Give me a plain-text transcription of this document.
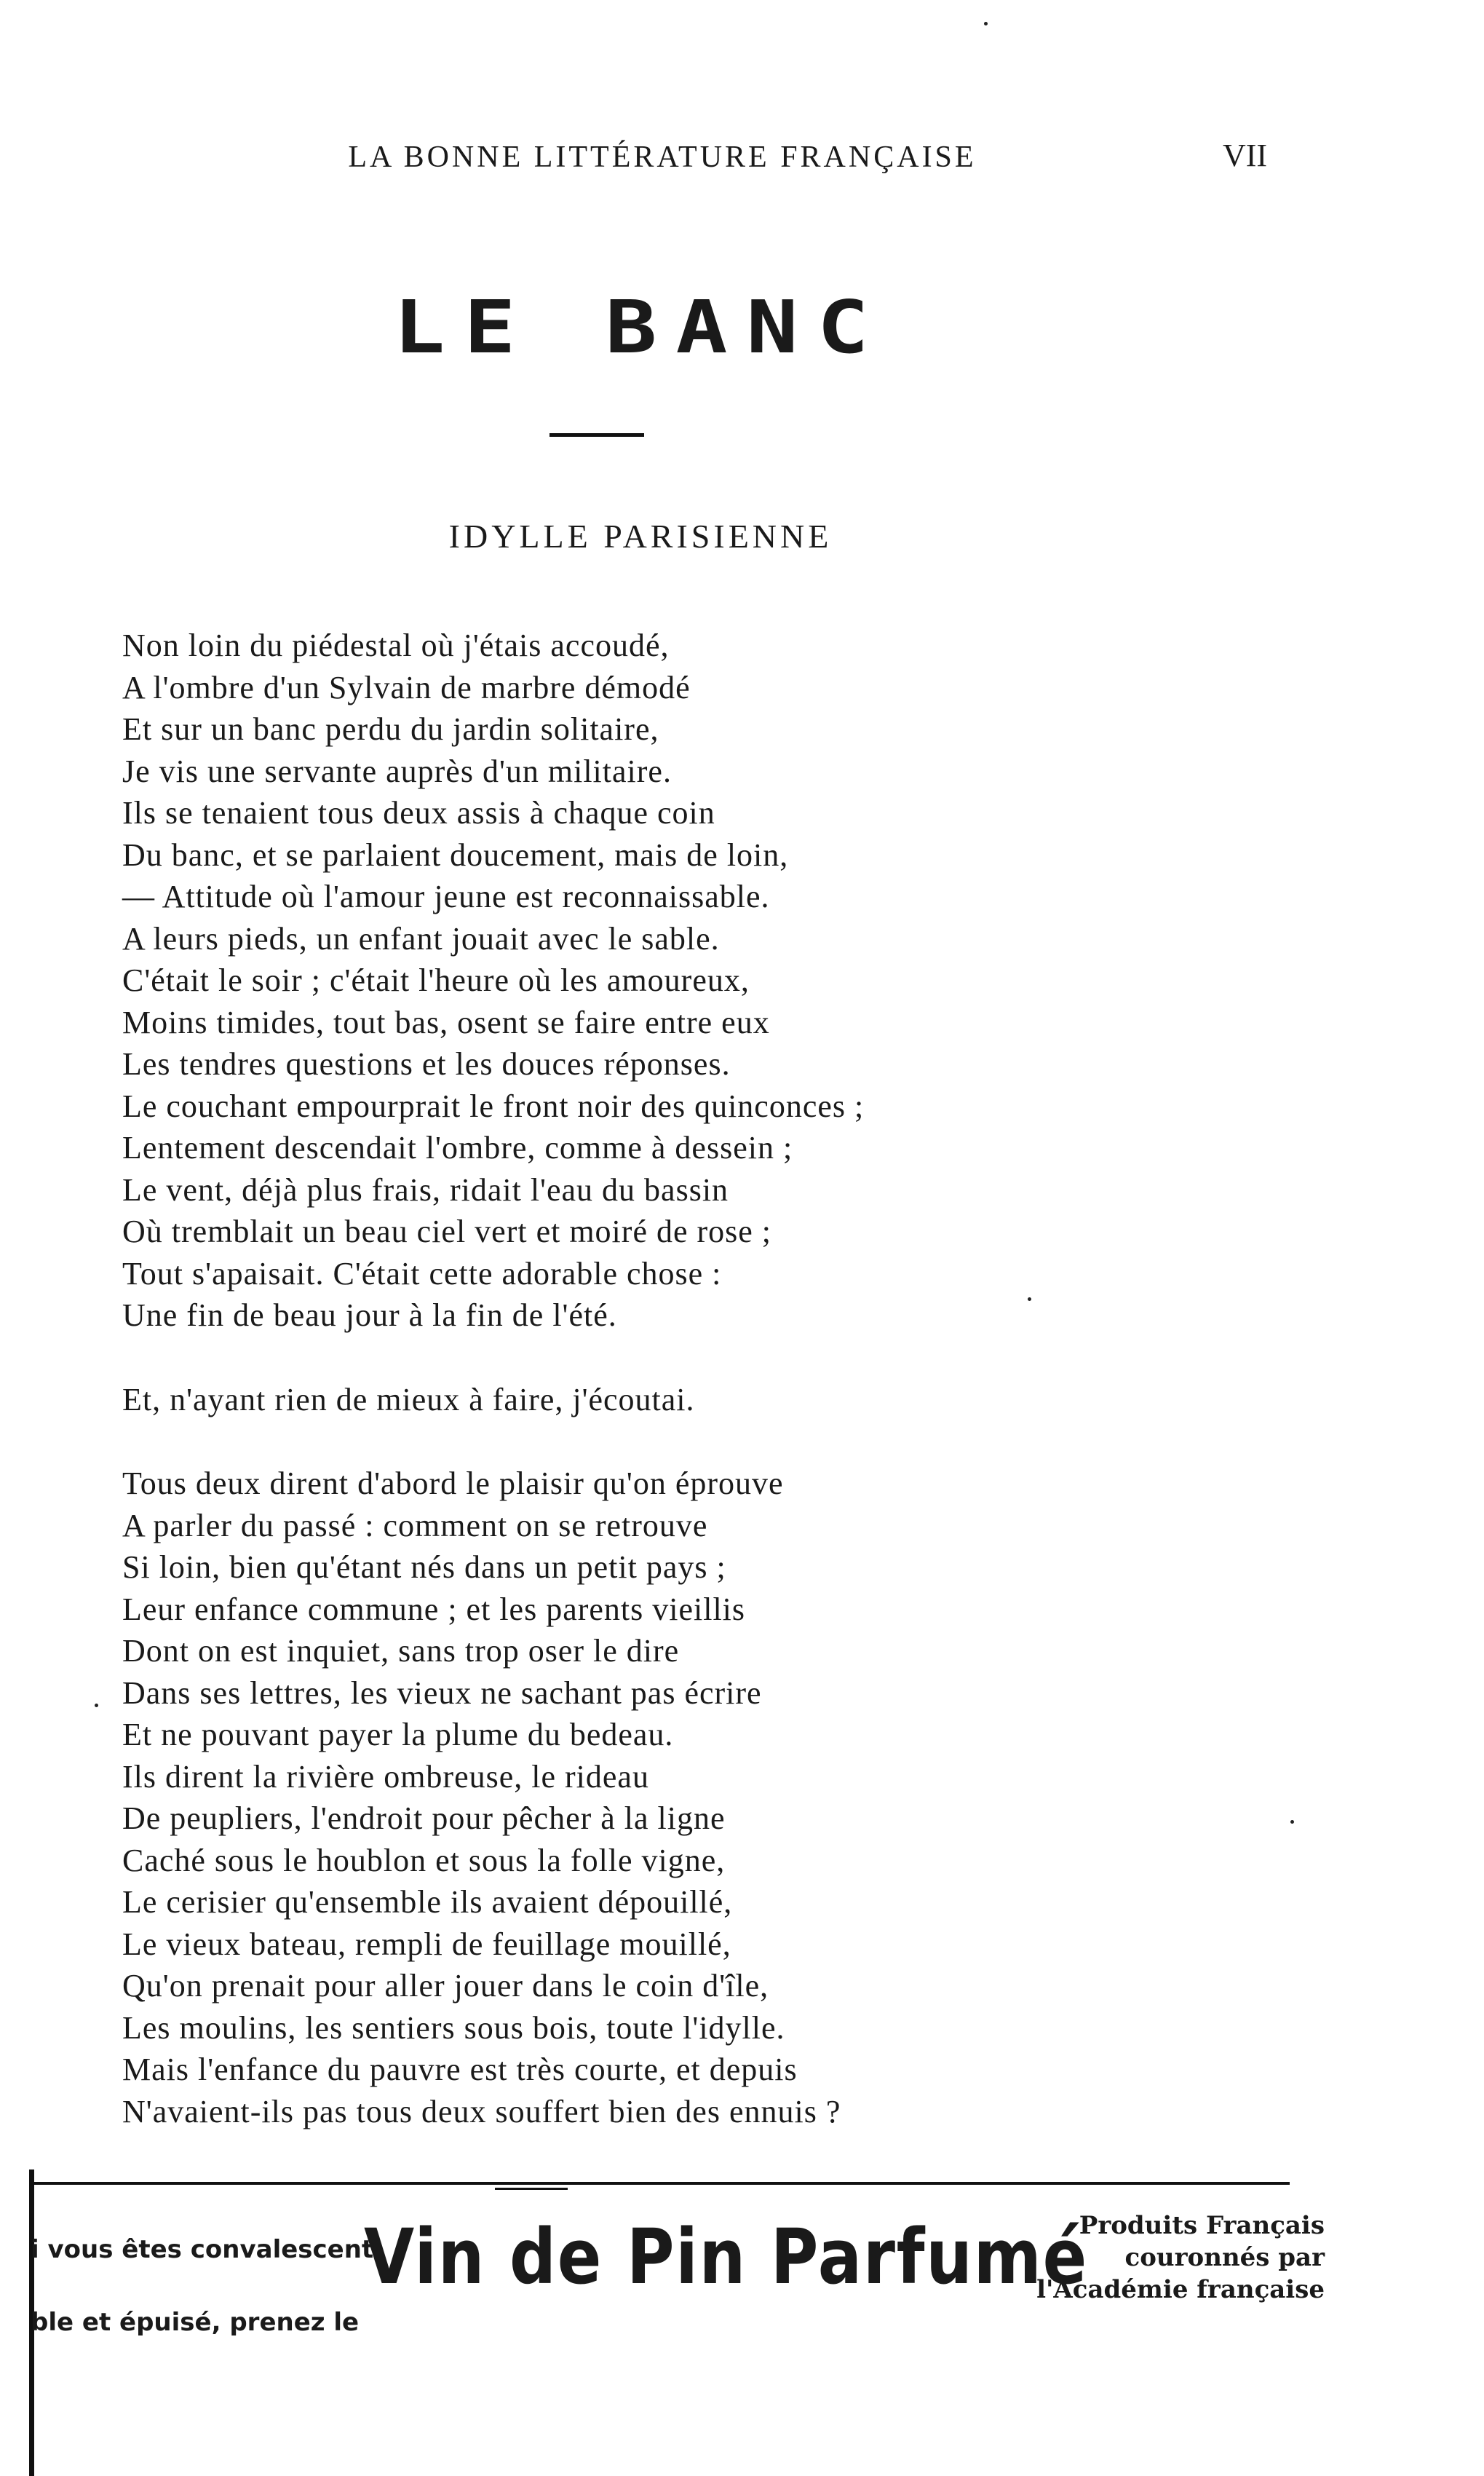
LA BONNE LITTÉRATURE FRANÇAISE	VII
LE BANC
IDYLLE PARISIENNE
Non loin du piédestal où j'étais accoudé,
A l'ombre d'un Sylvain de marbre démodé
Et sur un banc perdu du jardin solitaire,
Je vis une servante auprès d'un militaire.
Ils se tenaient tous deux assis à chaque coin
Du banc, et se parlaient doucement, mais de loin,
— Attitude où l'amour jeune est reconnaissable.
A leurs pieds, un enfant jouait avec le sable.
C'était le soir ; c'était l'heure où les amoureux,
Moins timides, tout bas, osent se faire entre eux
Les tendres questions et les douces réponses.
Le couchant empourprait le front noir des quinconces ;
Lentement descendait l'ombre, comme à dessein ;
Le vent, déjà plus frais, ridait l'eau du bassin
Où tremblait un beau ciel vert et moiré de rose ;
Tout s'apaisait. C'était cette adorable chose :
Une fin de beau jour à la fin de l'été.
Et, n'ayant rien de mieux à faire, j'écoutai.
Tous deux dirent d'abord le plaisir qu'on éprouve
A parler du passé : comment on se retrouve
Si loin, bien qu'étant nés dans un petit pays ;
Leur enfance commune ; et les parents vieillis
Dont on est inquiet, sans trop oser le dire
Dans ses lettres, les vieux ne sachant pas écrire
Et ne pouvant payer la plume du bedeau.
Ils dirent la rivière ombreuse, le rideau
De peupliers, l'endroit pour pêcher à la ligne
Caché sous le houblon et sous la folle vigne,
Le cerisier qu'ensemble ils avaient dépouillé,
Le vieux bateau, rempli de feuillage mouillé,
Qu'on prenait pour aller jouer dans le coin d'île,
Les moulins, les sentiers sous bois, toute l'idylle.
Mais l'enfance du pauvre est très courte, et depuis
N'avaient-ils pas tous deux souffert bien des ennuis ?
i vous êtes convalescent,
ble et épuisé, prenez le
Vin de Pin Parfumé
Produits Français
couronnés par
l'Académie française
